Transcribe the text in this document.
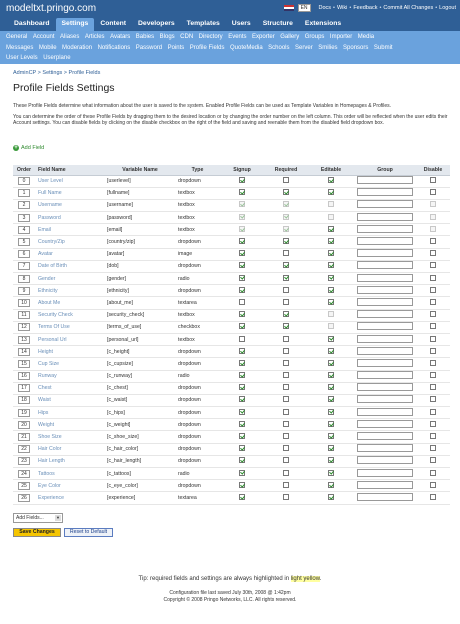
modeltxt.pringo.com	EN	Docs • Wiki • Feedback • Commit All Changes • Logout
Dashboard	Settings	Content	Developers	Templates	Users	Structure	Extensions
General Account Aliases Articles Avatars Babies Blogs CDN Directory Events Exporter Gallery Groups Importer Media
Messages Mobile Moderation Notifications Password Points Profile Fields QuoteMedia Schools Server Smilies Sponsors Submit
User Levels Userplane
AdminCP > Settings > Profile Fields
Profile Fields Settings

These Profile Fields determine what information about the user is saved to the system. Enabled Profile Fields can be used as Template Variables in Homepages & Profiles.

You can determine the order of these Profile Fields by dragging them to the desired location or by changing the order number on the left column. This order will be reflected when the user edits their Account settings. You can disable fields by clicking on the disable checkbox on the right of the field and saving and reenable them from the disabled field dropdown box.

+ Add Field
Order	Field Name	Variable Name	Type	Signup	Required	Editable	Group	Disable
0	User Level	[userlevel]	dropdown					
1	Full Name	[fullname]	textbox					
2	Username	[username]	textbox					
3	Password	[password]	textbox					
4	Email	[email]	textbox					
5	Country/Zip	[country/zip]	dropdown					
6	Avatar	[avatar]	image					
7	Date of Birth	[dob]	dropdown					
8	Gender	[gender]	radio					
9	Ethnicity	[ethnicity]	dropdown					
10	About Me	[about_me]	textarea					
11	Security Check	[security_check]	textbox					
12	Terms Of Use	[terms_of_use]	checkbox					
13	Personal Url	[personal_url]	textbox					
14	Height	[c_height]	dropdown					
15	Cup Size	[c_cupsize]	dropdown					
16	Runway	[c_runway]	radio					
17	Chest	[c_chest]	dropdown					
18	Waist	[c_waist]	dropdown					
19	Hips	[c_hips]	dropdown					
20	Weight	[c_weight]	dropdown					
21	Shoe Size	[c_shoe_size]	dropdown					
22	Hair Color	[c_hair_color]	dropdown					
23	Hair Length	[c_hair_length]	dropdown					
24	Tattoos	[c_tattoos]	radio					
25	Eye Color	[c_eye_color]	dropdown					
26	Experience	[experience]	textarea					
Add Fields...	▼
Save Changes	Reset to Default
Tip: required fields and settings are always highlighted in light yellow.
Configuration file last saved July 30th, 2008 @ 1:42pm
Copyright © 2008 Pringo Networks, LLC. All rights reserved.
